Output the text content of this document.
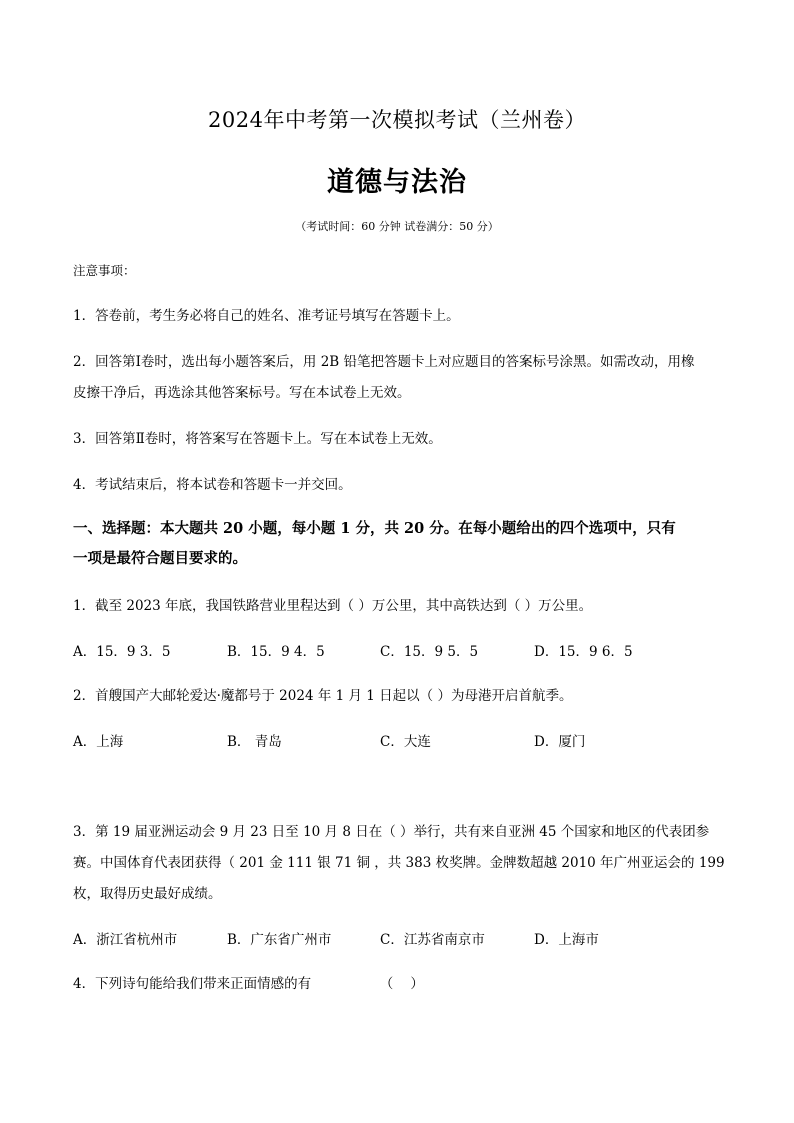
2024年中考第一次模拟考试（兰州卷）
道德与法治
（考试时间：60 分钟 试卷满分：50 分）
注意事项：
1．答卷前，考生务必将自己的姓名、准考证号填写在答题卡上。
2．回答第Ⅰ卷时，选出每小题答案后，用 2B 铅笔把答题卡上对应题目的答案标号涂黑。如需改动，用橡
皮擦干净后，再选涂其他答案标号。写在本试卷上无效。
3．回答第Ⅱ卷时，将答案写在答题卡上。写在本试卷上无效。
4．考试结束后，将本试卷和答题卡一并交回。
一、选择题：本大题共 20 小题，每小题 1 分，共 20 分。在每小题给出的四个选项中，只有
一项是最符合题目要求的。
1．截至 2023 年底，我国铁路营业里程达到（ ）万公里，其中高铁达到（ ）万公里。
A．15．9 3．5	B．15．9 4．5	C．15．9 5．5	D．15．9 6．5
2．首艘国产大邮轮爱达·魔都号于 2024 年 1 月 1 日起以（ ）为母港开启首航季。
A．上海	B． 青岛	C．大连	D．厦门
3．第 19 届亚洲运动会 9 月 23 日至 10 月 8 日在（ ）举行，共有来自亚洲 45 个国家和地区的代表团参
赛。中国体育代表团获得（ 201 金 111 银 71 铜 ，共 383 枚奖牌。金牌数超越 2010 年广州亚运会的 199
枚，取得历史最好成绩。
A．浙江省杭州市	B．广东省广州市	C．江苏省南京市	D．上海市
4．下列诗句能给我们带来正面情感的有                （    ）
